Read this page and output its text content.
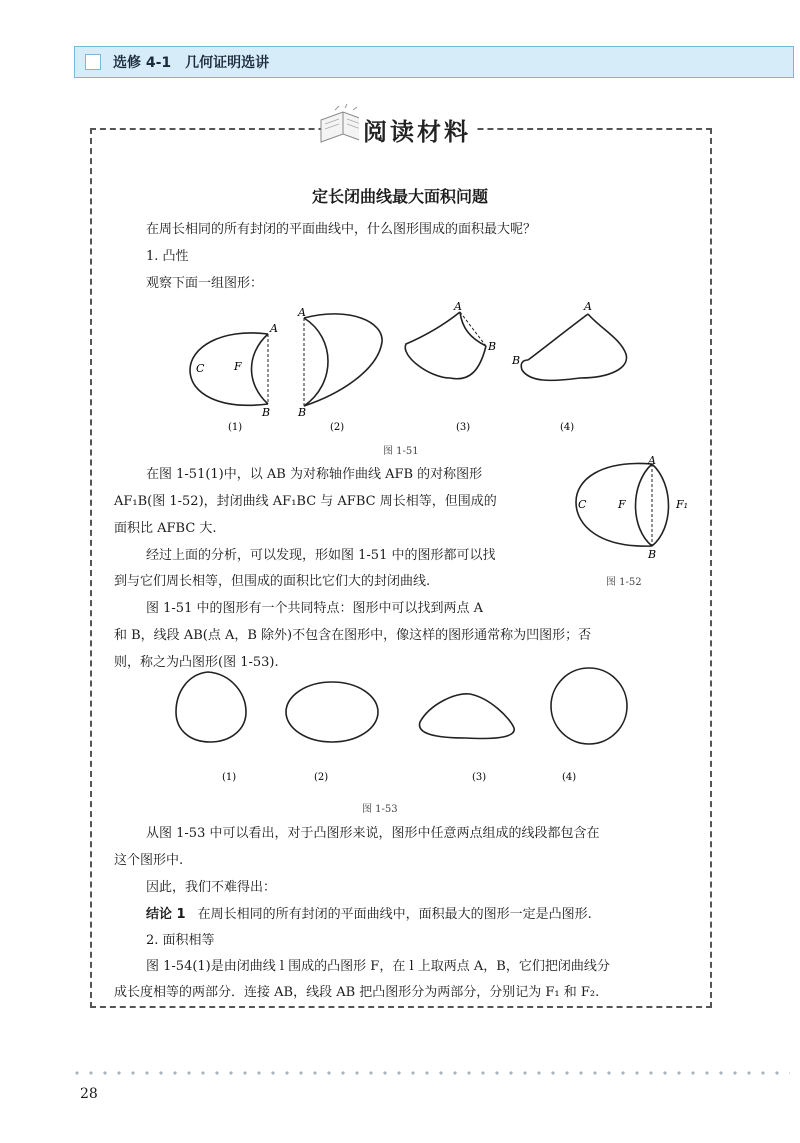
选修 4-1　几何证明选讲
阅读材料
定长闭曲线最大面积问题
在周长相同的所有封闭的平面曲线中，什么图形围成的面积最大呢？
1. 凸性
观察下面一组图形：
A
B
C	F
A
B
A
B
A
B
(1)	(2)	(3)	(4)
图 1-51
在图 1-51(1)中，以 AB 为对称轴作曲线 AFB 的对称图形
AF₁B(图 1-52)，封闭曲线 AF₁BC 与 AFBC 周长相等，但围成的
面积比 AFBC 大.
A
B
C	F	F₁
图 1-52
经过上面的分析，可以发现，形如图 1-51 中的图形都可以找
到与它们周长相等，但围成的面积比它们大的封闭曲线.
图 1-51 中的图形有一个共同特点：图形中可以找到两点 A
和 B，线段 AB(点 A，B 除外)不包含在图形中，像这样的图形通常称为凹图形；否
则，称之为凸图形(图 1-53).
(1)	(2)	(3)	(4)
图 1-53
从图 1-53 中可以看出，对于凸图形来说，图形中任意两点组成的线段都包含在
这个图形中.
因此，我们不难得出：
结论 1 在周长相同的所有封闭的平面曲线中，面积最大的图形一定是凸图形.
2. 面积相等
图 1-54(1)是由闭曲线 l 围成的凸图形 F，在 l 上取两点 A，B，它们把闭曲线分
成长度相等的两部分．连接 AB，线段 AB 把凸图形分为两部分，分别记为 F₁ 和 F₂.
28
